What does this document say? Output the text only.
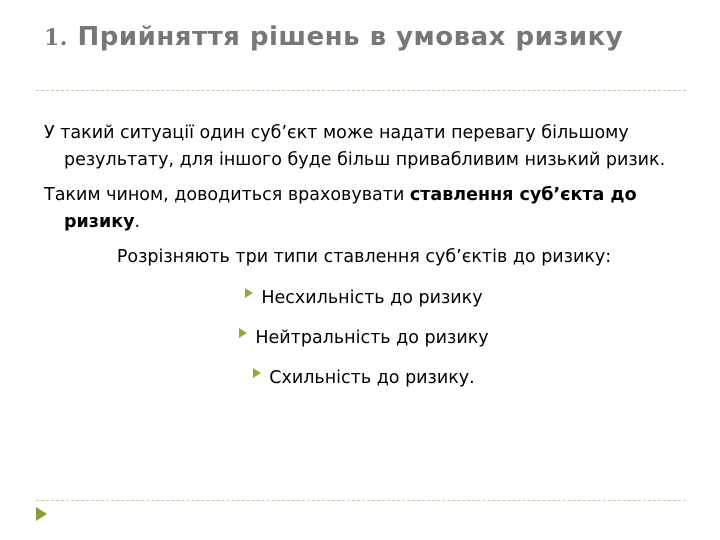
1. Прийняття рішень в умовах ризику

У такий ситуації один суб’єкт може надати перевагу більшому результату, для іншого буде більш привабливим низький ризик.

Таким чином, доводиться враховувати ставлення суб’єкта до ризику.

Розрізняють три типи ставлення суб’єктів до ризику:

Несхильність до ризику
Нейтральність до ризику
Схильність до ризику.
